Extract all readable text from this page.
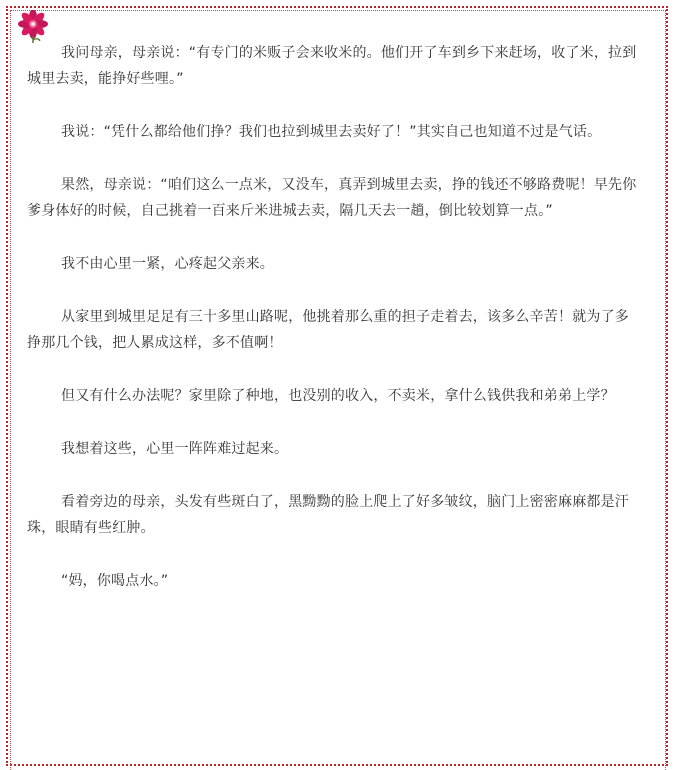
我问母亲，母亲说：“有专门的米贩子会来收米的。他们开了车到乡下来赶场，收了米，拉到城里去卖，能挣好些哩。”

我说：“凭什么都给他们挣？我们也拉到城里去卖好了！”其实自己也知道不过是气话。

果然，母亲说：“咱们这么一点米，又没车，真弄到城里去卖，挣的钱还不够路费呢！早先你爹身体好的时候，自己挑着一百来斤米进城去卖，隔几天去一趟，倒比较划算一点。”

我不由心里一紧，心疼起父亲来。

从家里到城里足足有三十多里山路呢，他挑着那么重的担子走着去，该多么辛苦！就为了多挣那几个钱，把人累成这样，多不值啊！

但又有什么办法呢？家里除了种地，也没别的收入，不卖米，拿什么钱供我和弟弟上学？

我想着这些，心里一阵阵难过起来。

看着旁边的母亲，头发有些斑白了，黑黝黝的脸上爬上了好多皱纹，脑门上密密麻麻都是汗珠，眼睛有些红肿。

“妈，你喝点水。”
